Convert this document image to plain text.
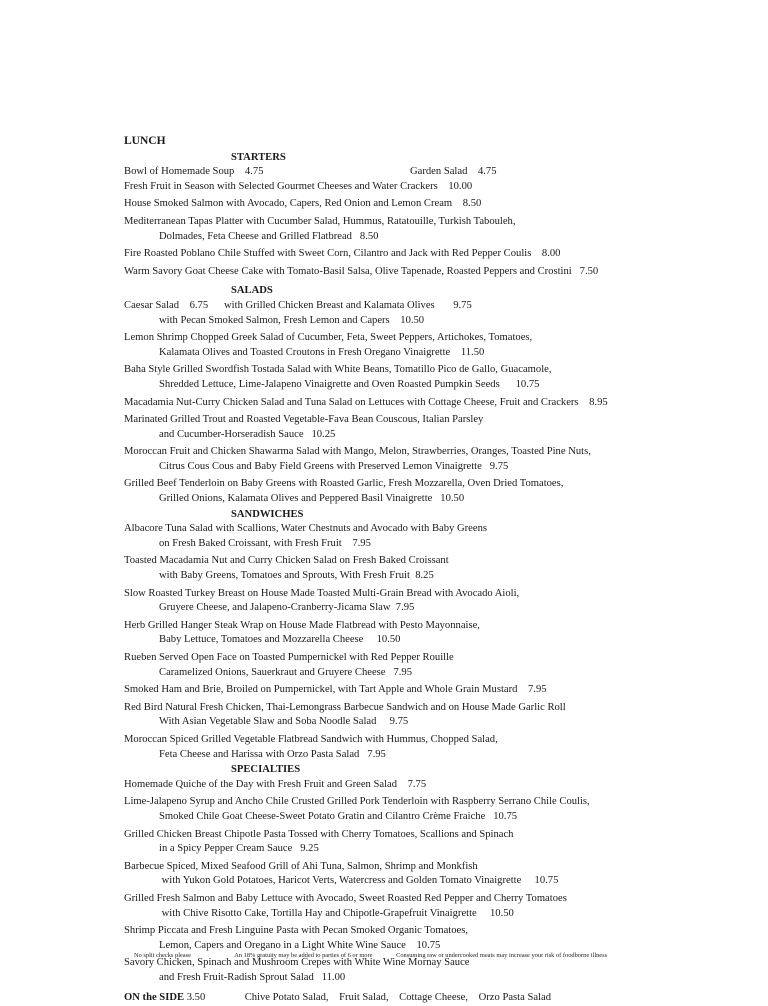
LUNCH
STARTERS
Bowl of Homemade Soup    4.75	Garden Salad    4.75
Fresh Fruit in Season with Selected Gourmet Cheeses and Water Crackers    10.00
House Smoked Salmon with Avocado, Capers, Red Onion and Lemon Cream    8.50
Mediterranean Tapas Platter with Cucumber Salad, Hummus, Ratatouille, Turkish Tabouleh,
Dolmades, Feta Cheese and Grilled Flatbread   8.50
Fire Roasted Poblano Chile Stuffed with Sweet Corn, Cilantro and Jack with Red Pepper Coulis    8.00
Warm Savory Goat Cheese Cake with Tomato-Basil Salsa, Olive Tapenade, Roasted Peppers and Crostini   7.50
SALADS
Caesar Salad    6.75      with Grilled Chicken Breast and Kalamata Olives       9.75
with Pecan Smoked Salmon, Fresh Lemon and Capers    10.50
Lemon Shrimp Chopped Greek Salad of Cucumber, Feta, Sweet Peppers, Artichokes, Tomatoes,
Kalamata Olives and Toasted Croutons in Fresh Oregano Vinaigrette    11.50
Baha Style Grilled Swordfish Tostada Salad with White Beans, Tomatillo Pico de Gallo, Guacamole,
Shredded Lettuce, Lime-Jalapeno Vinaigrette and Oven Roasted Pumpkin Seeds      10.75
Macadamia Nut-Curry Chicken Salad and Tuna Salad on Lettuces with Cottage Cheese, Fruit and Crackers    8.95
Marinated Grilled Trout and Roasted Vegetable-Fava Bean Couscous, Italian Parsley
and Cucumber-Horseradish Sauce   10.25
Moroccan Fruit and Chicken Shawarma Salad with Mango, Melon, Strawberries, Oranges, Toasted Pine Nuts,
Citrus Cous Cous and Baby Field Greens with Preserved Lemon Vinaigrette   9.75
Grilled Beef Tenderloin on Baby Greens with Roasted Garlic, Fresh Mozzarella, Oven Dried Tomatoes,
Grilled Onions, Kalamata Olives and Peppered Basil Vinaigrette   10.50
SANDWICHES
Albacore Tuna Salad with Scallions, Water Chestnuts and Avocado with Baby Greens
on Fresh Baked Croissant, with Fresh Fruit    7.95
Toasted Macadamia Nut and Curry Chicken Salad on Fresh Baked Croissant
with Baby Greens, Tomatoes and Sprouts, With Fresh Fruit  8.25
Slow Roasted Turkey Breast on House Made Toasted Multi-Grain Bread with Avocado Aioli,
Gruyere Cheese, and Jalapeno-Cranberry-Jicama Slaw  7.95
Herb Grilled Hanger Steak Wrap on House Made Flatbread with Pesto Mayonnaise,
Baby Lettuce, Tomatoes and Mozzarella Cheese     10.50
Rueben Served Open Face on Toasted Pumpernickel with Red Pepper Rouille
Caramelized Onions, Sauerkraut and Gruyere Cheese   7.95
Smoked Ham and Brie, Broiled on Pumpernickel, with Tart Apple and Whole Grain Mustard    7.95
Red Bird Natural Fresh Chicken, Thai-Lemongrass Barbecue Sandwich and on House Made Garlic Roll
With Asian Vegetable Slaw and Soba Noodle Salad     9.75
Moroccan Spiced Grilled Vegetable Flatbread Sandwich with Hummus, Chopped Salad,
Feta Cheese and Harissa with Orzo Pasta Salad   7.95
SPECIALTIES
Homemade Quiche of the Day with Fresh Fruit and Green Salad    7.75
Lime-Jalapeno Syrup and Ancho Chile Crusted Grilled Pork Tenderloin with Raspberry Serrano Chile Coulis,
Smoked Chile Goat Cheese-Sweet Potato Gratin and Cilantro Crème Fraiche   10.75
Grilled Chicken Breast Chipotle Pasta Tossed with Cherry Tomatoes, Scallions and Spinach
in a Spicy Pepper Cream Sauce   9.25
Barbecue Spiced, Mixed Seafood Grill of Ahi Tuna, Salmon, Shrimp and Monkfish
with Yukon Gold Potatoes, Haricot Verts, Watercress and Golden Tomato Vinaigrette     10.75
Grilled Fresh Salmon and Baby Lettuce with Avocado, Sweet Roasted Red Pepper and Cherry Tomatoes
with Chive Risotto Cake, Tortilla Hay and Chipotle-Grapefruit Vinaigrette     10.50
Shrimp Piccata and Fresh Linguine Pasta with Pecan Smoked Organic Tomatoes,
Lemon, Capers and Oregano in a Light White Wine Sauce    10.75
Savory Chicken, Spinach and Mushroom Crepes with White Wine Mornay Sauce
and Fresh Fruit-Radish Sprout Salad   11.00
ON the SIDE 3.50	Chive Potato Salad,    Fruit Salad,    Cottage Cheese,    Orzo Pasta Salad
No split checks please	An 18% gratuity may be added to parties of 6 or more	Consuming raw or undercooked meats may increase your risk of foodborne illness
